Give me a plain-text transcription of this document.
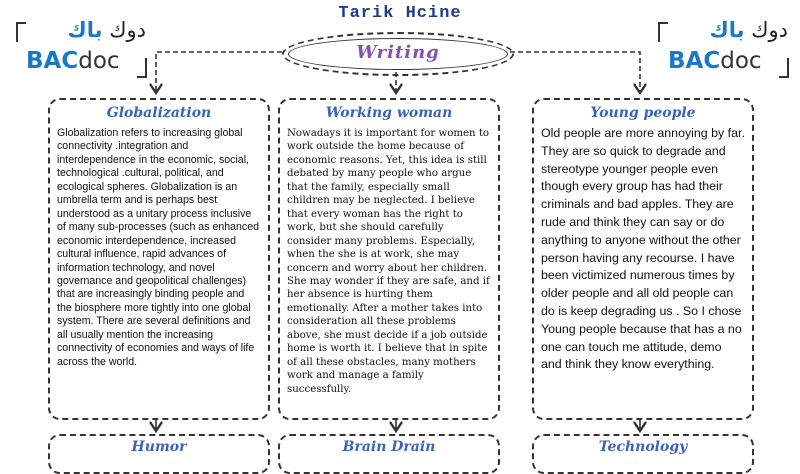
Tarik Hcine
دوك باك
BACdoc
دوك باك
BACdoc
Writing
Globalization
Globalization refers to increasing global connectivity .integration and interdependence in the economic, social, technological .cultural, political, and ecological spheres. Globalization is an umbrella term and is perhaps best understood as a unitary process inclusive of many sub-processes (such as enhanced economic interdependence, increased cultural influence, rapid advances of information technology, and novel governance and geopolitical challenges) that are increasingly binding people and the biosphere more tightly into one global system. There are several definitions and all usually mention the increasing connectivity of economies and ways of life across the world.
Working woman
Nowadays it is important for women to work outside the home because of economic reasons. Yet, this idea is still debated by many people who argue that the family, especially small children may be neglected. I believe that every woman has the right to work, but she should carefully consider many problems. Especially, when the she is at work, she may concern and worry about her children. She may wonder if they are safe, and if her absence is hurting them emotionally. After a mother takes into consideration all these problems above, she must decide if a job outside home is worth it. I believe that in spite of all these obstacles, many mothers work and manage a family successfully.
Young people
Old people are more annoying by far. They are so quick to degrade and stereotype younger people even though every group has had their criminals and bad apples. They are rude and think they can say or do anything to anyone without the other person having any recourse. I have been victimized numerous times by older people and all old people can do is keep degrading us . So I chose Young people because that has a no one can touch me attitude, demo and think they know everything.
Humor	Brain Drain	Technology
